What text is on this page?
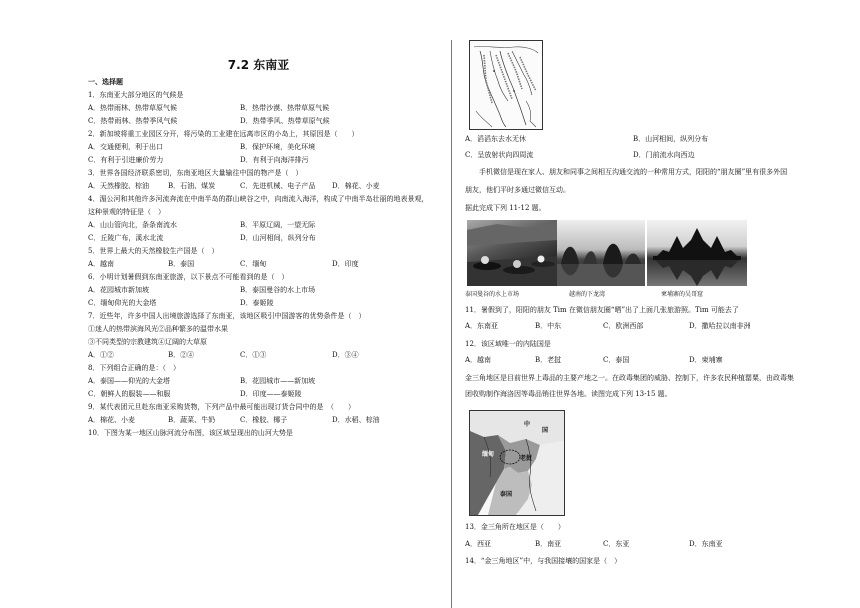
7.2 东南亚
一、选择题
1．东南亚大部分地区的气候是
A．热带雨林、热带草原气候	B．热带沙漠、热带草原气候
C．热带雨林、热带季风气候	D．热带季风、热带草原气候
2．新加坡将重工业园区分开，将污染的工业建在远离市区的小岛上，其原因是（　　）
A．交通便利，利于出口	B．保护环境，美化环境
C．有利于引进廉价劳力	D．有利于向海洋排污
3．世界各国经济联系密切，东南亚地区大量输往中国的物产是（　）
A．天然橡胶、棕油	B．石油、煤炭	C．先进机械、电子产品 D．棉花、小麦
4．湄公河和其他许多河流奔流在中南半岛的群山峡谷之中，向南流入海洋，构成了中南半岛壮丽的地表景观，
这种景观的特征是（　）
A．山山管向北，条条南流水	B．平原辽阔，一望无际
C．丘陵广布，溪水北流	D．山河相间，纵列分布
5．世界上最大的天然橡胶生产国是（　）
A．越南	B．泰国	C．缅甸	D．印度
6．小明计划暑假到东南亚旅游，以下景点不可能看到的是（　）
A．花园城市新加坡	B．泰国曼谷的水上市场
C．缅甸仰光的大金塔	D．泰姬陵
7．近些年，许多中国人出境旅游选择了东南亚，该地区吸引中国游客的优势条件是（　）
①迷人的热带滨海风光②品种繁多的温带水果
③不同类型的宗教建筑④辽阔的大草原
A．①②	B．②④	C．①③	D．③④
8．下列组合正确的是：（　）
A．泰国——仰光的大金塔	B．花园城市——新加坡
C．朝鲜人的服装——和服	D．印度——泰姬陵
9．某代表团元旦赴东南亚采购货物，下列产品中最可能出现订货合同中的是　（　　）
A．棉花、小麦	B．蔬菜、牛奶	C．橡胶、椰子	D．水稻、棕油
10．下图为某一地区山脉河流分布图，该区域呈现出的山河大势是
A．滔滔东去水无休	B．山河相间，纵列分布
C．呈放射状向四周流	D．门前流水向西边
　　手机微信是现在家人、朋友和同事之间相互沟通交流的一种常用方式，阳阳的“朋友圈”里有很多外国
朋友，他们平时多通过微信互动。
据此完成下列 11-12 题。
泰国曼谷的水上市场	越南的下龙湾	柬埔寨的吴哥窟
11．暑假到了，阳阳的朋友 Tim 在微信朋友圈“晒”出了上面几张旅游照。Tim 可能去了
A．东南亚	B．中东	C．欧洲西部	D．撒哈拉以南非洲
12．该区域唯一的内陆国是
A．越南	B．老挝	C．泰国	D．柬埔寨
金三角地区是目前世界上毒品的主要产地之一。在政毒集团的威胁、控制下，许多农民种植罂粟，由政毒集
团收购制作海洛因等毒品销往世界各地。读图完成下列 13-15 题。
中
国
缅甸
老挝
泰国
13．金三角所在地区是（　　）
A．西亚	B．南亚	C．东亚	D．东南亚
14．“金三角地区”中，与我国接壤的国家是（　）
